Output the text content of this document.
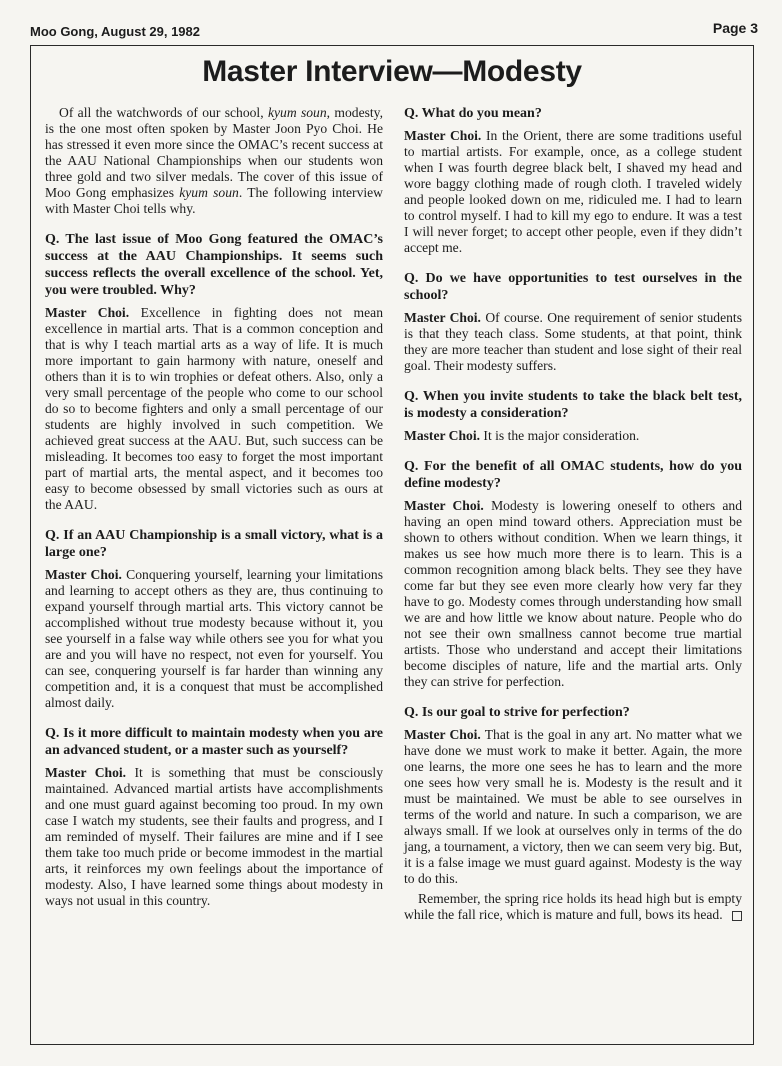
Moo Gong, August 29, 1982	Page 3
Master Interview—Modesty

Of all the watchwords of our school, kyum soun, modesty, is the one most often spoken by Master Joon Pyo Choi. He has stressed it even more since the OMAC’s recent success at the AAU National Championships when our students won three gold and two silver medals. The cover of this issue of Moo Gong emphasizes kyum soun. The following interview with Master Choi tells why.

Q. The last issue of Moo Gong featured the OMAC’s success at the AAU Championships. It seems such success reflects the overall excellence of the school. Yet, you were troubled. Why?

Master Choi. Excellence in fighting does not mean excellence in martial arts. That is a common conception and that is why I teach martial arts as a way of life. It is much more important to gain harmony with nature, oneself and others than it is to win trophies or defeat others. Also, only a very small percentage of the people who come to our school do so to become fighters and only a small percentage of our students are highly involved in such competition. We achieved great success at the AAU. But, such success can be misleading. It becomes too easy to forget the most important part of martial arts, the mental aspect, and it becomes too easy to become obsessed by small victories such as ours at the AAU.

Q. If an AAU Championship is a small victory, what is a large one?

Master Choi. Conquering yourself, learning your limitations and learning to accept others as they are, thus continuing to expand yourself through martial arts. This victory cannot be accomplished without true modesty because without it, you see yourself in a false way while others see you for what you are and you will have no respect, not even for yourself. You can see, conquering yourself is far harder than winning any competition and, it is a conquest that must be accomplished almost daily.

Q. Is it more difficult to maintain modesty when you are an advanced student, or a master such as yourself?

Master Choi. It is something that must be consciously maintained. Advanced martial artists have accomplishments and one must guard against becoming too proud. In my own case I watch my students, see their faults and progress, and I am reminded of myself. Their failures are mine and if I see them take too much pride or become immodest in the martial arts, it reinforces my own feelings about the importance of modesty. Also, I have learned some things about modesty in ways not usual in this country.

Q. What do you mean?

Master Choi. In the Orient, there are some traditions useful to martial artists. For example, once, as a college student when I was fourth degree black belt, I shaved my head and wore baggy clothing made of rough cloth. I traveled widely and people looked down on me, ridiculed me. I had to learn to control myself. I had to kill my ego to endure. It was a test I will never forget; to accept other people, even if they didn’t accept me.

Q. Do we have opportunities to test ourselves in the school?

Master Choi. Of course. One requirement of senior students is that they teach class. Some students, at that point, think they are more teacher than student and lose sight of their real goal. Their modesty suffers.

Q. When you invite students to take the black belt test, is modesty a consideration?

Master Choi. It is the major consideration.

Q. For the benefit of all OMAC students, how do you define modesty?

Master Choi. Modesty is lowering oneself to others and having an open mind toward others. Appreciation must be shown to others without condition. When we learn things, it makes us see how much more there is to learn. This is a common recognition among black belts. They see they have come far but they see even more clearly how very far they have to go. Modesty comes through understanding how small we are and how little we know about nature. People who do not see their own smallness cannot become true martial artists. Those who understand and accept their limitations become disciples of nature, life and the martial arts. Only they can strive for perfection.

Q. Is our goal to strive for perfection?

Master Choi. That is the goal in any art. No matter what we have done we must work to make it better. Again, the more one learns, the more one sees he has to learn and the more one sees how very small he is. Modesty is the result and it must be maintained. We must be able to see ourselves in terms of the world and nature. In such a comparison, we are always small. If we look at ourselves only in terms of the do jang, a tournament, a victory, then we can seem very big. But, it is a false image we must guard against. Modesty is the way to do this.

Remember, the spring rice holds its head high but is empty while the fall rice, which is mature and full, bows its head.
